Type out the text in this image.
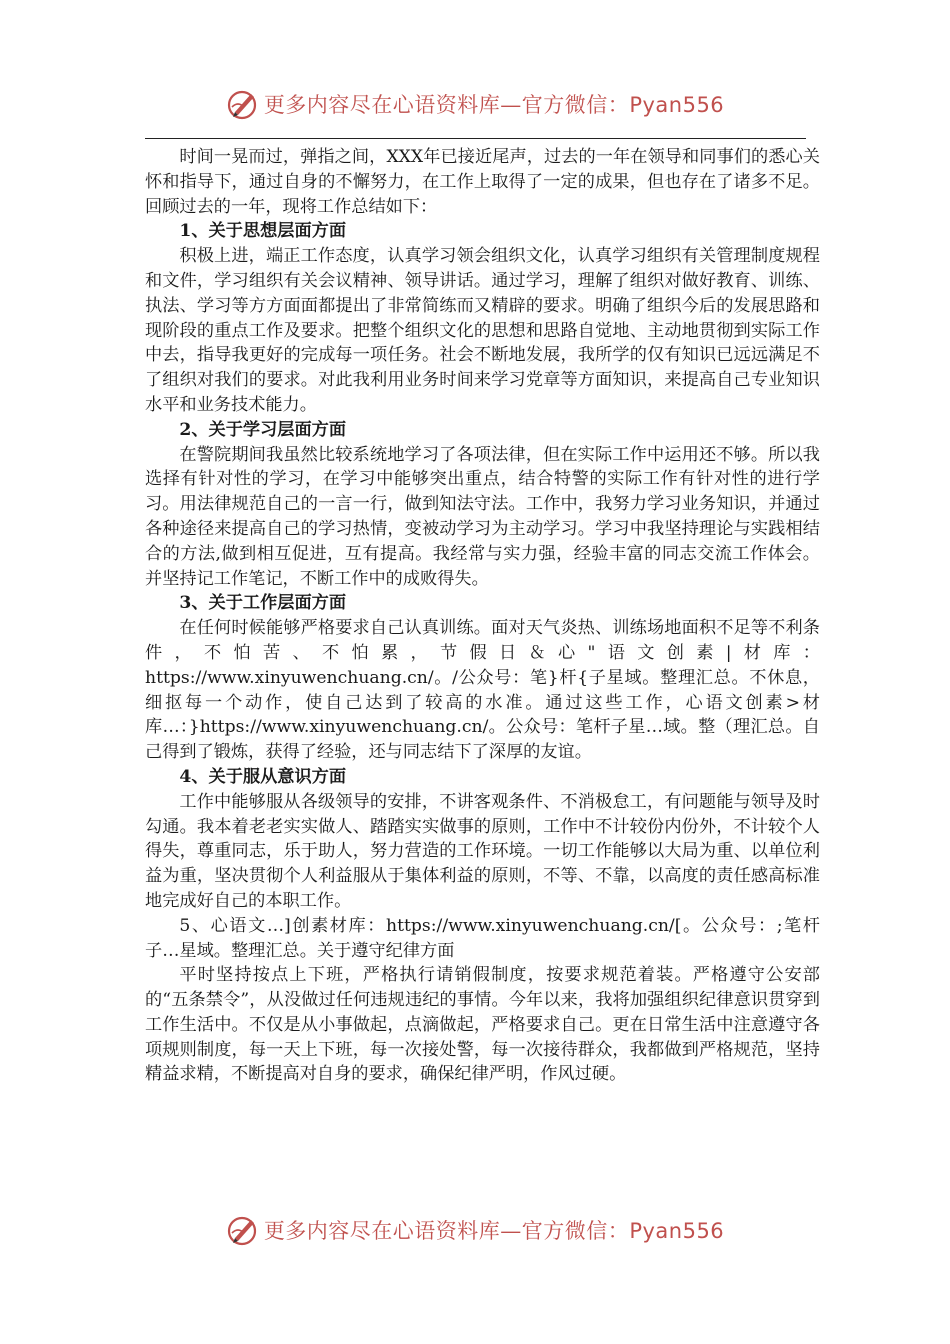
更多内容尽在心语资料库—官方微信：Pyan556

时间一晃而过，弹指之间，XXX年已接近尾声，过去的一年在领导和同事们的悉心关怀和指导下，通过自身的不懈努力，在工作上取得了一定的成果，但也存在了诸多不足。回顾过去的一年，现将工作总结如下：

1、关于思想层面方面

积极上进，端正工作态度，认真学习领会组织文化，认真学习组织有关管理制度规程和文件，学习组织有关会议精神、领导讲话。通过学习，理解了组织对做好教育、训练、执法、学习等方方面面都提出了非常简练而又精辟的要求。明确了组织今后的发展思路和现阶段的重点工作及要求。把整个组织文化的思想和思路自觉地、主动地贯彻到实际工作中去，指导我更好的完成每一项任务。社会不断地发展，我所学的仅有知识已远远满足不了组织对我们的要求。对此我利用业务时间来学习党章等方面知识，来提高自己专业知识水平和业务技术能力。

2、关于学习层面方面

在警院期间我虽然比较系统地学习了各项法律，但在实际工作中运用还不够。所以我选择有针对性的学习，在学习中能够突出重点，结合特警的实际工作有针对性的进行学习。用法律规范自己的一言一行，做到知法守法。工作中，我努力学习业务知识，并通过各种途径来提高自己的学习热情，变被动学习为主动学习。学习中我坚持理论与实践相结合的方法,做到相互促进，互有提高。我经常与实力强，经验丰富的同志交流工作体会。并坚持记工作笔记，不断工作中的成败得失。

3、关于工作层面方面

在任何时候能够严格要求自己认真训练。面对天气炎热、训练场地面积不足等不利条件，不怕苦、不怕累，节假日＆心"语文创素|材库：https://www.xinyuwenchuang.cn/。/公众号：笔}杆{子星域。整理汇总。不休息，细抠每一个动作，使自己达到了较高的水准。通过这些工作，心语文创素>材库…：}https://www.xinyuwenchuang.cn/。公众号：笔杆子星…域。整（理汇总。自己得到了锻炼，获得了经验，还与同志结下了深厚的友谊。

4、关于服从意识方面

工作中能够服从各级领导的安排，不讲客观条件、不消极怠工，有问题能与领导及时勾通。我本着老老实实做人、踏踏实实做事的原则，工作中不计较份内份外，不计较个人得失，尊重同志，乐于助人，努力营造的工作环境。一切工作能够以大局为重、以单位利益为重，坚决贯彻个人利益服从于集体利益的原则，不等、不靠，以高度的责任感高标准地完成好自己的本职工作。

5、心语文…]创素材库：https://www.xinyuwenchuang.cn/[。公众号：;笔杆子…星域。整理汇总。关于遵守纪律方面

平时坚持按点上下班，严格执行请销假制度，按要求规范着装。严格遵守公安部的“五条禁令”，从没做过任何违规违纪的事情。今年以来，我将加强组织纪律意识贯穿到工作生活中。不仅是从小事做起，点滴做起，严格要求自己。更在日常生活中注意遵守各项规则制度，每一天上下班，每一次接处警，每一次接待群众，我都做到严格规范，坚持精益求精，不断提高对自身的要求，确保纪律严明，作风过硬。

更多内容尽在心语资料库—官方微信：Pyan556
